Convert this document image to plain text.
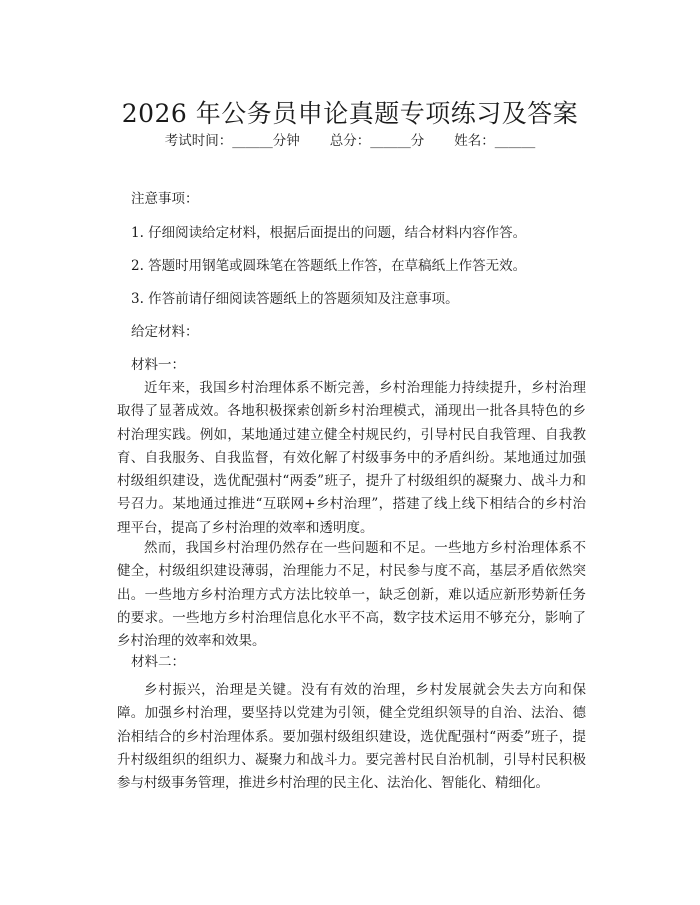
2026 年公务员申论真题专项练习及答案
考试时间：______分钟 总分：______分 姓名：______
注意事项：
1. 仔细阅读给定材料，根据后面提出的问题，结合材料内容作答。
2. 答题时用钢笔或圆珠笔在答题纸上作答，在草稿纸上作答无效。
3. 作答前请仔细阅读答题纸上的答题须知及注意事项。
给定材料：
材料一：

近年来，我国乡村治理体系不断完善，乡村治理能力持续提升，乡村治理取得了显著成效。各地积极探索创新乡村治理模式，涌现出一批各具特色的乡村治理实践。例如，某地通过建立健全村规民约，引导村民自我管理、自我教育、自我服务、自我监督，有效化解了村级事务中的矛盾纠纷。某地通过加强村级组织建设，选优配强村“两委”班子，提升了村级组织的凝聚力、战斗力和号召力。某地通过推进“互联网+乡村治理”，搭建了线上线下相结合的乡村治理平台，提高了乡村治理的效率和透明度。

然而，我国乡村治理仍然存在一些问题和不足。一些地方乡村治理体系不健全，村级组织建设薄弱，治理能力不足，村民参与度不高，基层矛盾依然突出。一些地方乡村治理方式方法比较单一，缺乏创新，难以适应新形势新任务的要求。一些地方乡村治理信息化水平不高，数字技术运用不够充分，影响了乡村治理的效率和效果。

材料二：

乡村振兴，治理是关键。没有有效的治理，乡村发展就会失去方向和保障。加强乡村治理，要坚持以党建为引领，健全党组织领导的自治、法治、德治相结合的乡村治理体系。要加强村级组织建设，选优配强村“两委”班子，提升村级组织的组织力、凝聚力和战斗力。要完善村民自治机制，引导村民积极参与村级事务管理，推进乡村治理的民主化、法治化、智能化、精细化。
